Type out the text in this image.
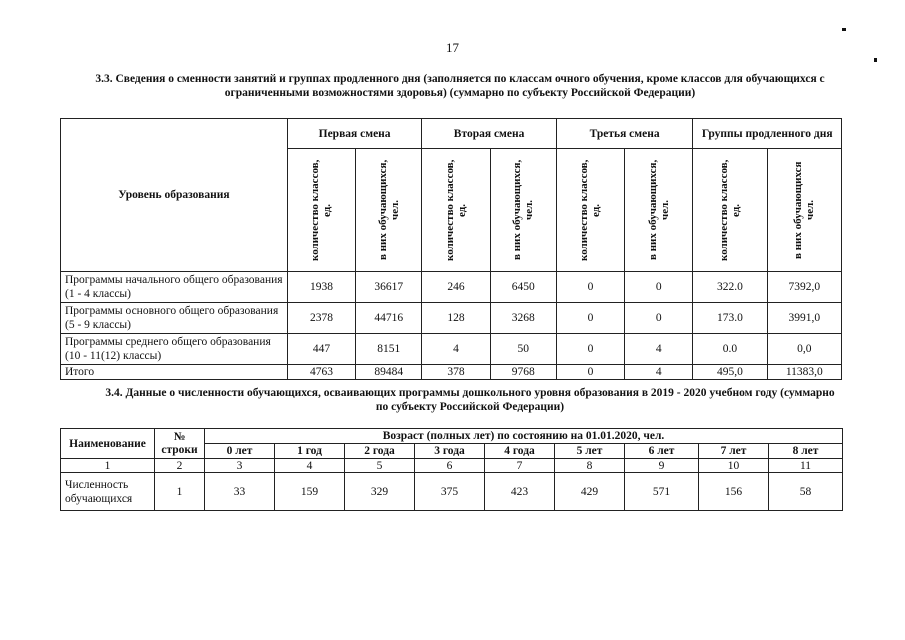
17
3.3. Сведения о сменности занятий и группах продленного дня (заполняется по классам очного обучения, кроме классов для обучающихся с ограниченными возможностями здоровья) (суммарно по субъекту Российской Федерации)
Уровень образования	Первая смена		Вторая смена		Третья смена		Группы продленного дня	

	количество классов, ед.	в них обучающихся, чел.	количество классов, ед.	в них обучающихся, чел.	количество классов, ед.	в них обучающихся, чел.	количество классов, ед.	в них обучающихся чел.

Программы начального общего образования (1 - 4 классы)	1938	36617	246	6450	0	0	322.0	7392,0
Программы основного общего образования (5 - 9 классы)	2378	44716	128	3268	0	0	173.0	3991,0
Программы среднего общего образования (10 - 11(12) классы)	447	8151	4	50	0	4	0.0	0,0
Итого	4763	89484	378	9768	0	4	495,0	11383,0
3.4. Данные о численности обучающихся, осваивающих программы дошкольного уровня образования в 2019 - 2020 учебном году (суммарно по субъекту Российской Федерации)
Наименование	№ строки	Возраст (полных лет) по состоянию на 01.01.2020, чел.								
		0 лет	1 год	2 года	3 года	4 года	5 лет	6 лет	7 лет	8 лет
1	2	3	4	5	6	7	8	9	10	11
Численность обучающихся	1	33	159	329	375	423	429	571	156	58
